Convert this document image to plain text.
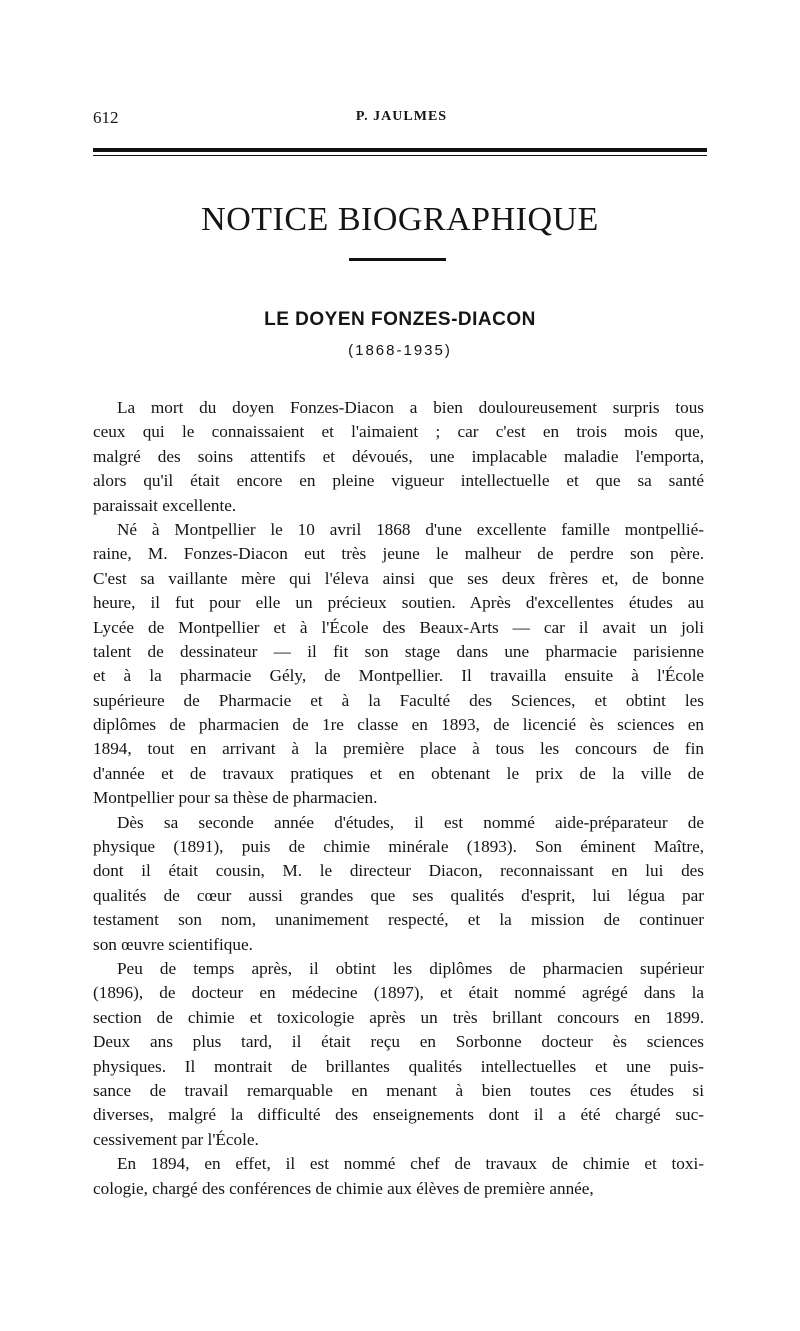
612	P. JAULMES
NOTICE BIOGRAPHIQUE
LE DOYEN FONZES-DIACON
(1868-1935)
La mort du doyen Fonzes-Diacon a bien douloureusement surpris tous
ceux qui le connaissaient et l'aimaient ; car c'est en trois mois que,
malgré des soins attentifs et dévoués, une implacable maladie l'emporta,
alors qu'il était encore en pleine vigueur intellectuelle et que sa santé
paraissait excellente.
Né à Montpellier le 10 avril 1868 d'une excellente famille montpellié-
raine, M. Fonzes-Diacon eut très jeune le malheur de perdre son père.
C'est sa vaillante mère qui l'éleva ainsi que ses deux frères et, de bonne
heure, il fut pour elle un précieux soutien. Après d'excellentes études au
Lycée de Montpellier et à l'École des Beaux-Arts — car il avait un joli
talent de dessinateur — il fit son stage dans une pharmacie parisienne
et à la pharmacie Gély, de Montpellier. Il travailla ensuite à l'École
supérieure de Pharmacie et à la Faculté des Sciences, et obtint les
diplômes de pharmacien de 1re classe en 1893, de licencié ès sciences en
1894, tout en arrivant à la première place à tous les concours de fin
d'année et de travaux pratiques et en obtenant le prix de la ville de
Montpellier pour sa thèse de pharmacien.
Dès sa seconde année d'études, il est nommé aide-préparateur de
physique (1891), puis de chimie minérale (1893). Son éminent Maître,
dont il était cousin, M. le directeur Diacon, reconnaissant en lui des
qualités de cœur aussi grandes que ses qualités d'esprit, lui légua par
testament son nom, unanimement respecté, et la mission de continuer
son œuvre scientifique.
Peu de temps après, il obtint les diplômes de pharmacien supérieur
(1896), de docteur en médecine (1897), et était nommé agrégé dans la
section de chimie et toxicologie après un très brillant concours en 1899.
Deux ans plus tard, il était reçu en Sorbonne docteur ès sciences
physiques. Il montrait de brillantes qualités intellectuelles et une puis-
sance de travail remarquable en menant à bien toutes ces études si
diverses, malgré la difficulté des enseignements dont il a été chargé suc-
cessivement par l'École.
En 1894, en effet, il est nommé chef de travaux de chimie et toxi-
cologie, chargé des conférences de chimie aux élèves de première année,
